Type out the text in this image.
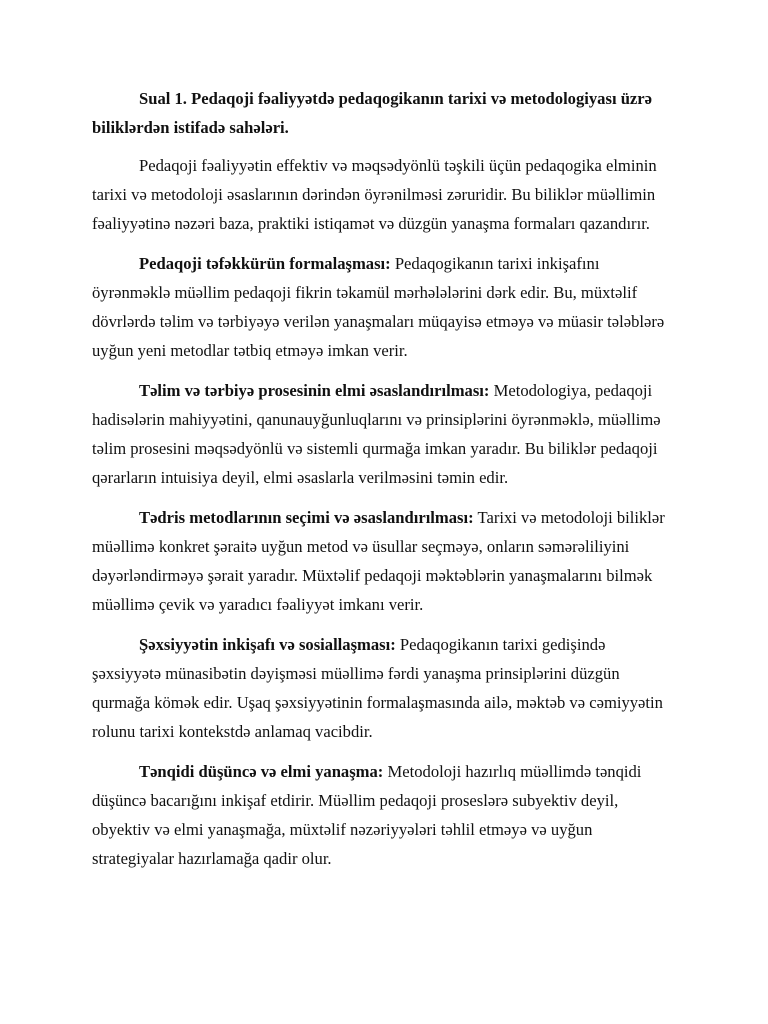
Sual 1. Pedaqoji fəaliyyətdə pedaqogikanın tarixi və metodologiyası üzrə biliklərdən istifadə sahələri.

Pedaqoji fəaliyyətin effektiv və məqsədyönlü təşkili üçün pedaqogika elminin tarixi və metodoloji əsaslarının dərindən öyrənilməsi zəruridir. Bu biliklər müəllimin fəaliyyətinə nəzəri baza, praktiki istiqamət və düzgün yanaşma formaları qazandırır.

Pedaqoji təfəkkürün formalaşması: Pedaqogikanın tarixi inkişafını öyrənməklə müəllim pedaqoji fikrin təkamül mərhələlərini dərk edir. Bu, müxtəlif dövrlərdə təlim və tərbiyəyə verilən yanaşmaları müqayisə etməyə və müasir tələblərə uyğun yeni metodlar tətbiq etməyə imkan verir.

Təlim və tərbiyə prosesinin elmi əsaslandırılması: Metodologiya, pedaqoji hadisələrin mahiyyətini, qanunauyğunluqlarını və prinsiplərini öyrənməklə, müəllimə təlim prosesini məqsədyönlü və sistemli qurmağa imkan yaradır. Bu biliklər pedaqoji qərarların intuisiya deyil, elmi əsaslarla verilməsini təmin edir.

Tədris metodlarının seçimi və əsaslandırılması: Tarixi və metodoloji biliklər müəllimə konkret şəraitə uyğun metod və üsullar seçməyə, onların səmərəliliyini dəyərləndirməyə şərait yaradır. Müxtəlif pedaqoji məktəblərin yanaşmalarını bilmək müəllimə çevik və yaradıcı fəaliyyət imkanı verir.

Şəxsiyyətin inkişafı və sosiallaşması: Pedaqogikanın tarixi gedişində şəxsiyyətə münasibətin dəyişməsi müəllimə fərdi yanaşma prinsiplərini düzgün qurmağa kömək edir. Uşaq şəxsiyyətinin formalaşmasında ailə, məktəb və cəmiyyətin rolunu tarixi kontekstdə anlamaq vacibdir.

Tənqidi düşüncə və elmi yanaşma: Metodoloji hazırlıq müəllimdə tənqidi düşüncə bacarığını inkişaf etdirir. Müəllim pedaqoji proseslərə subyektiv deyil, obyektiv və elmi yanaşmağa, müxtəlif nəzəriyyələri təhlil etməyə və uyğun strategiyalar hazırlamağa qadir olur.
